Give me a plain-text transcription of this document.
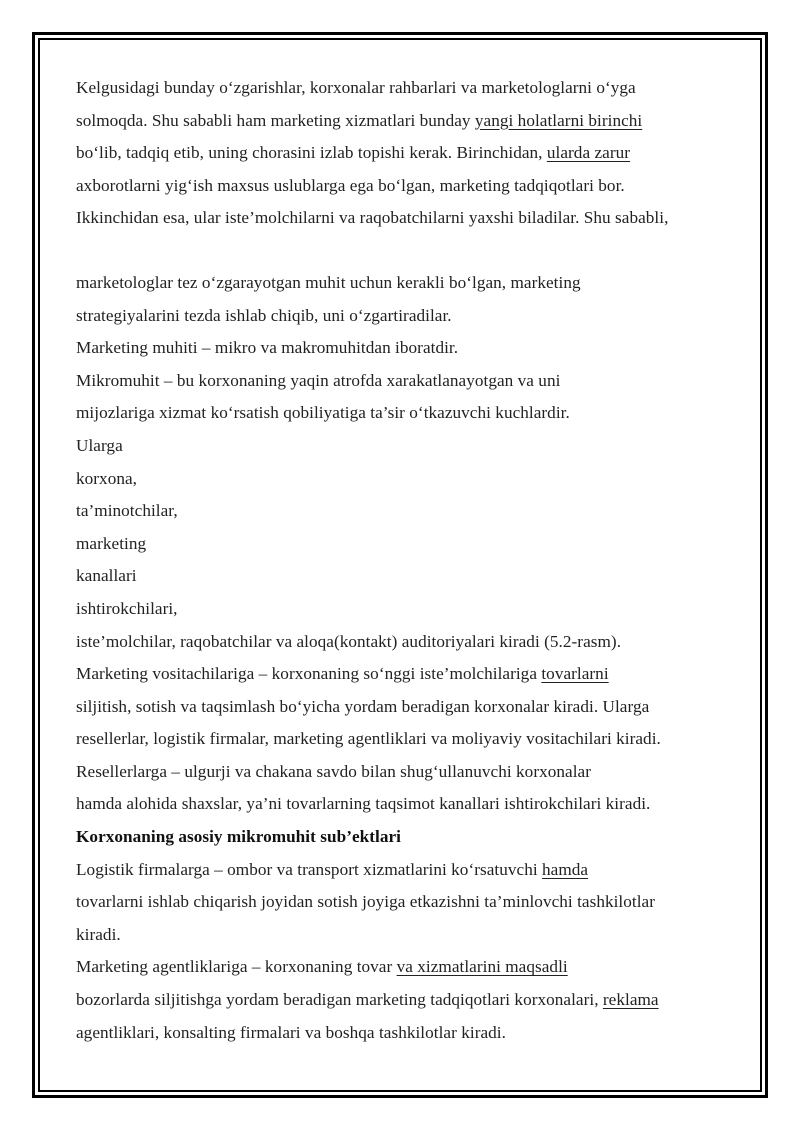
Kelgusidagi bunday o‘zgarishlar, korxonalar rahbarlari va marketologlarni o‘yga
solmoqda. Shu sababli ham marketing xizmatlari bunday yangi holatlarni birinchi
bo‘lib, tadqiq etib, uning chorasini izlab topishi kerak. Birinchidan, ularda zarur
axborotlarni yig‘ish maxsus uslublarga ega bo‘lgan, marketing tadqiqotlari bor.
Ikkinchidan esa, ular iste’molchilarni va raqobatchilarni yaxshi biladilar. Shu sababli,
marketologlar tez o‘zgarayotgan muhit uchun kerakli bo‘lgan, marketing
strategiyalarini tezda ishlab chiqib, uni o‘zgartiradilar.
Marketing muhiti – mikro va makromuhitdan iboratdir.
Mikromuhit – bu korxonaning yaqin atrofda xarakatlanayotgan va uni
mijozlariga xizmat ko‘rsatish qobiliyatiga ta’sir o‘tkazuvchi kuchlardir.
Ularga
korxona,
ta’minotchilar,
marketing
kanallari
ishtirokchilari,
iste’molchilar, raqobatchilar va aloqa(kontakt) auditoriyalari kiradi (5.2-rasm).
Marketing vositachilariga – korxonaning so‘nggi iste’molchilariga tovarlarni
siljitish, sotish va taqsimlash bo‘yicha yordam beradigan korxonalar kiradi. Ularga
resellerlar, logistik firmalar, marketing agentliklari va moliyaviy vositachilari kiradi.
Resellerlarga – ulgurji va chakana savdo bilan shug‘ullanuvchi korxonalar
hamda alohida shaxslar, ya’ni tovarlarning taqsimot kanallari ishtirokchilari kiradi.
Korxonaning asosiy mikromuhit sub’ektlari
Logistik firmalarga – ombor va transport xizmatlarini ko‘rsatuvchi hamda
tovarlarni ishlab chiqarish joyidan sotish joyiga etkazishni ta’minlovchi tashkilotlar
kiradi.
Marketing agentliklariga – korxonaning tovar va xizmatlarini maqsadli
bozorlarda siljitishga yordam beradigan marketing tadqiqotlari korxonalari, reklama
agentliklari, konsalting firmalari va boshqa tashkilotlar kiradi.
